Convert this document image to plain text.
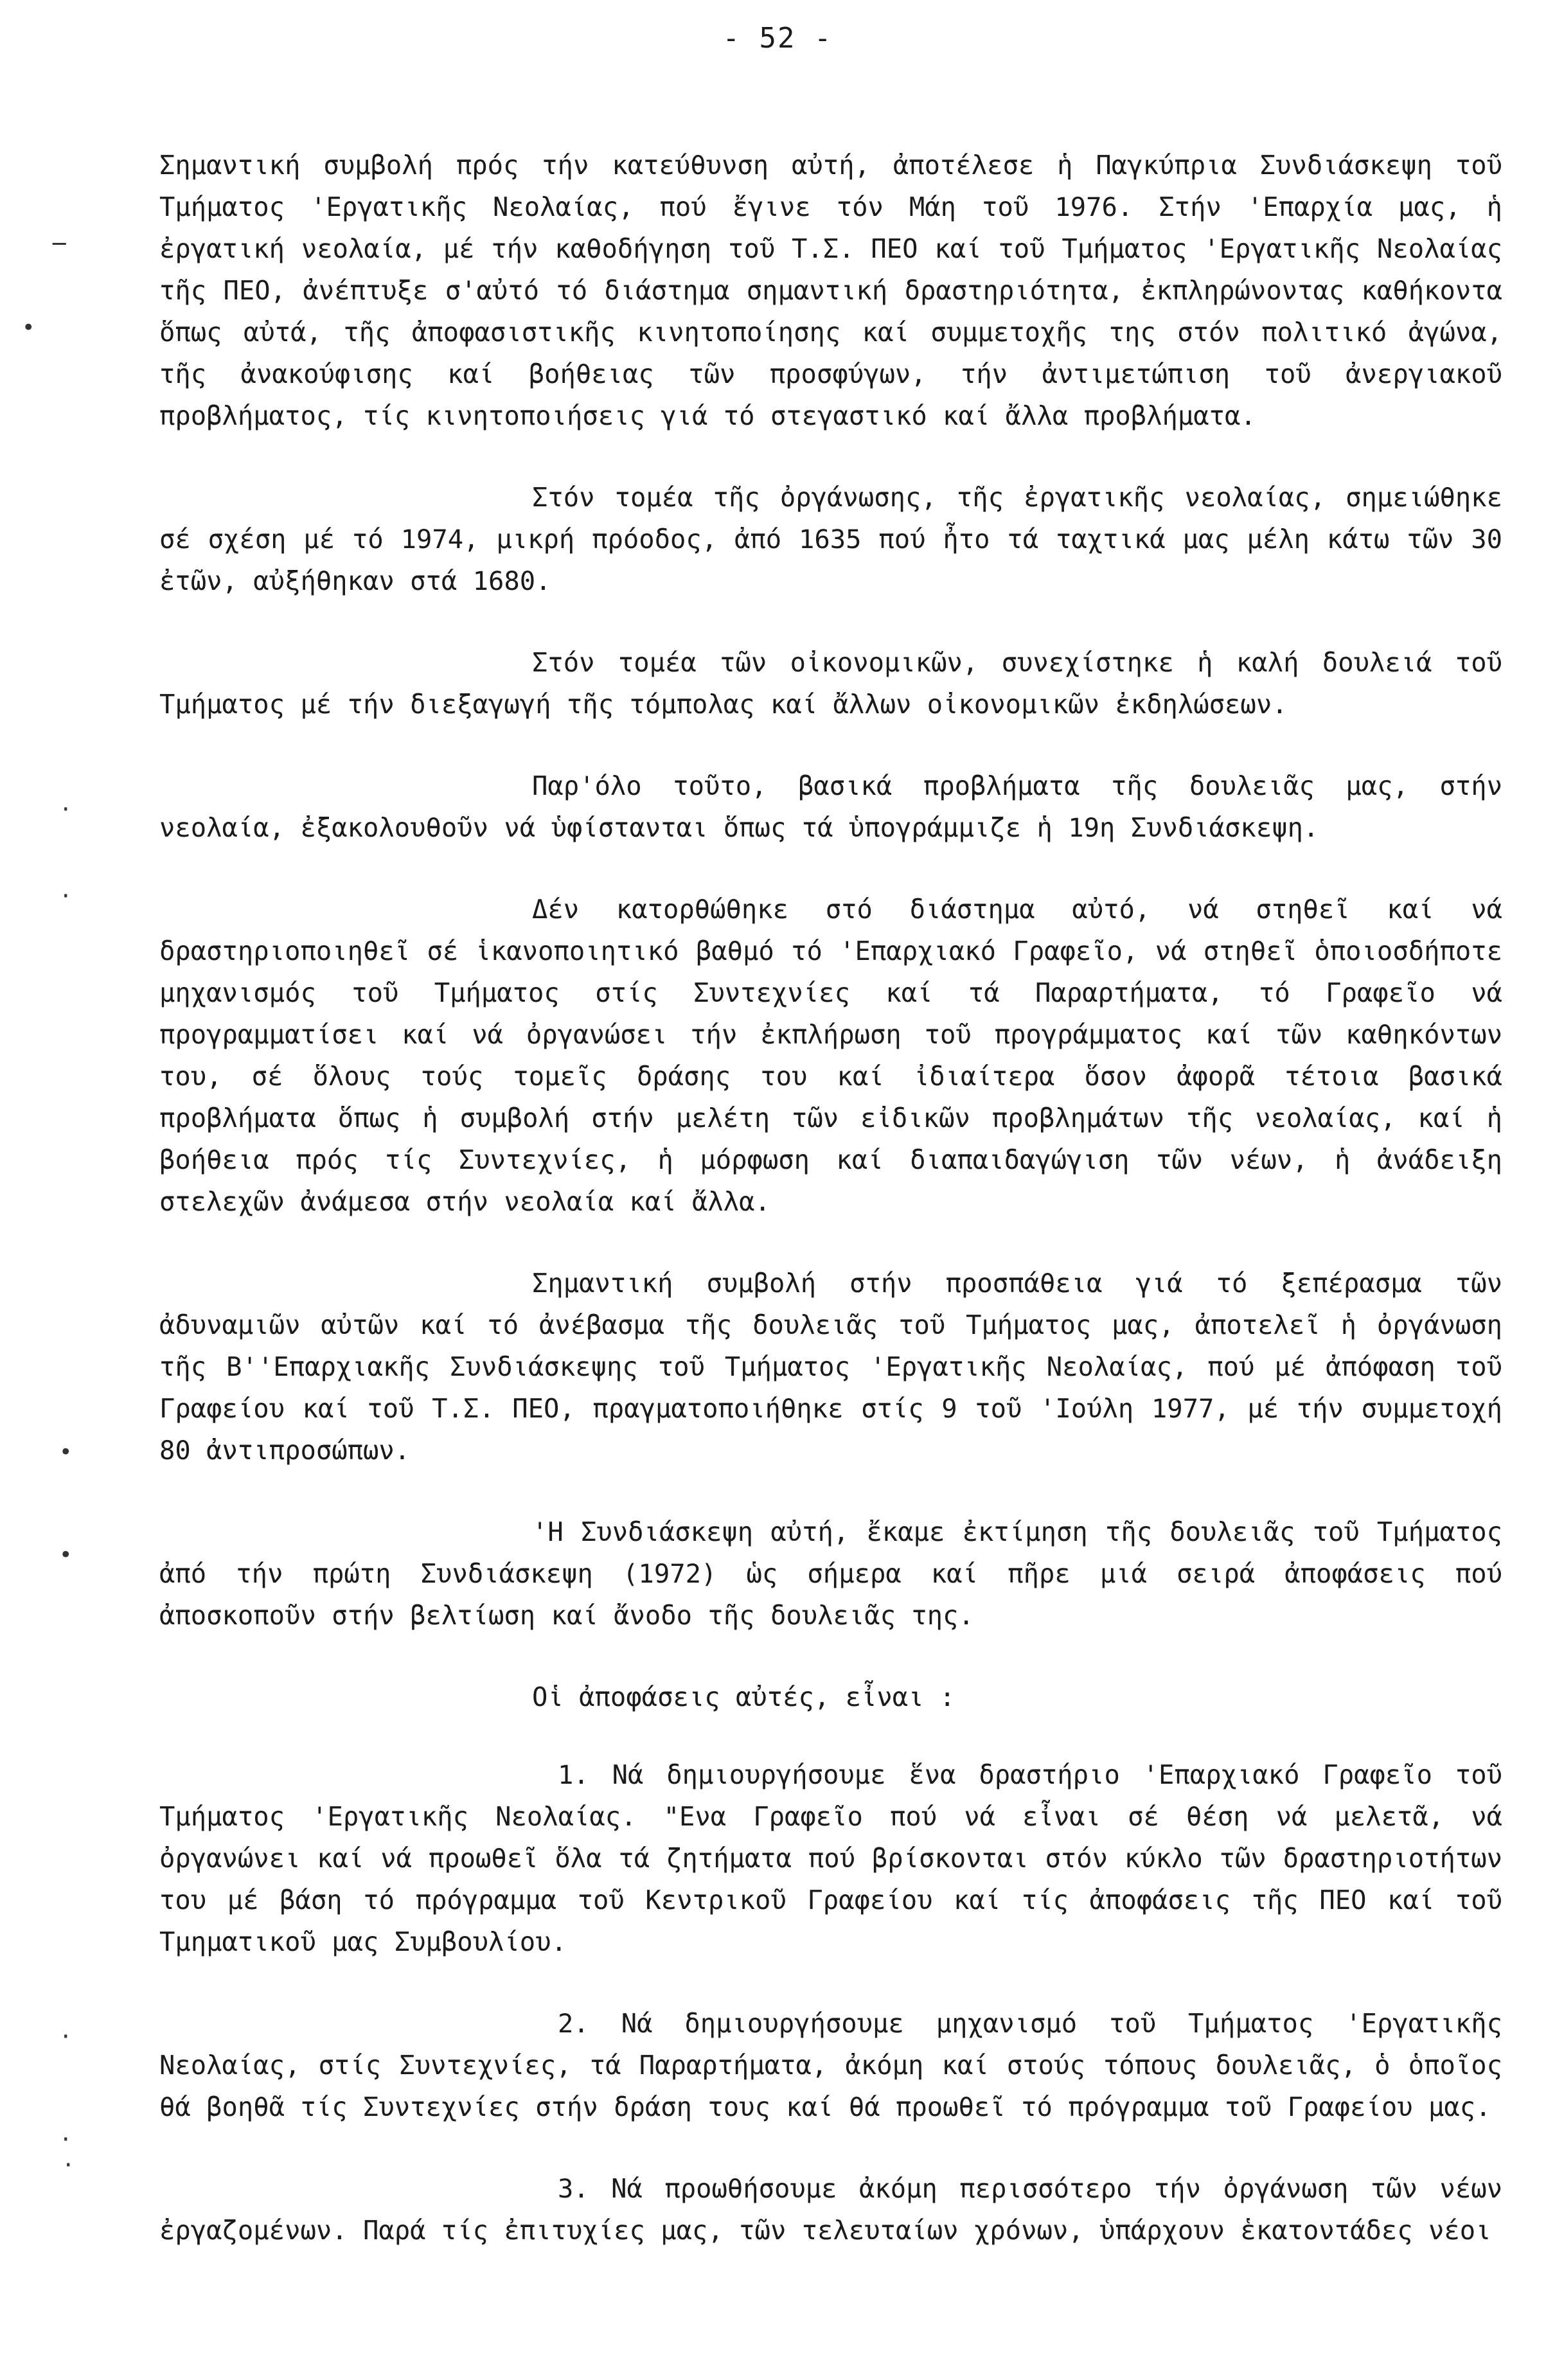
- 52 -
ـ
•
·
·
•
•
·
·
·

Σημαντική συμβολή πρός τήν κατεύθυνση αὐτή, ἀποτέλεσε ἡ Παγκύπρια Συνδιάσκεψη τοῦ Τμήματος 'Εργατικῆς Νεολαίας, πού ἔγινε τόν Μάη τοῦ 1976. Στήν 'Επαρχία μας, ἡ ἐργατική νεολαία, μέ τήν καθοδήγηση τοῦ Τ.Σ. ΠΕΟ καί τοῦ Τμήματος 'Εργατικῆς Νεολαίας τῆς ΠΕΟ, ἀνέπτυξε σ'αὐτό τό διάστημα σημαντική δραστηριότητα, ἐκπληρώνοντας καθήκοντα ὅπως αὐτά, τῆς ἀποφασιστικῆς κινητοποίησης καί συμμετοχῆς της στόν πολιτικό ἀγώνα, τῆς ἀνακούφισης καί βοήθειας τῶν προσφύγων, τήν ἀντιμετώπιση τοῦ ἀνεργιακοῦ προβλήματος, τίς κινητοποιήσεις γιά τό στεγαστικό καί ἄλλα προβλήματα.

Στόν τομέα τῆς ὀργάνωσης, τῆς ἐργατικῆς νεολαίας, σημειώθηκε σέ σχέση μέ τό 1974, μικρή πρόοδος, ἀπό 1635 πού ἦτο τά ταχτικά μας μέλη κάτω τῶν 30 ἐτῶν, αὐξήθηκαν στά 1680.

Στόν τομέα τῶν οἰκονομικῶν, συνεχίστηκε ἡ καλή δουλειά τοῦ Τμήματος μέ τήν διεξαγωγή τῆς τόμπολας καί ἄλλων οἰκονομικῶν ἐκδηλώσεων.

Παρ'όλο τοῦτο, βασικά προβλήματα τῆς δουλειᾶς μας, στήν νεολαία, ἐξακολουθοῦν νά ὑφίστανται ὅπως τά ὑπογράμμιζε ἡ 19η Συνδιάσκεψη.

Δέν κατορθώθηκε στό διάστημα αὐτό, νά στηθεῖ καί νά δραστηριοποιηθεῖ σέ ἱκανοποιητικό βαθμό τό 'Επαρχιακό Γραφεῖο, νά στηθεῖ ὁποιοσδήποτε μηχανισμός τοῦ Τμήματος στίς Συντεχνίες καί τά Παραρτήματα, τό Γραφεῖο νά προγραμματίσει καί νά ὀργανώσει τήν ἐκπλήρωση τοῦ προγράμματος καί τῶν καθηκόντων του, σέ ὅλους τούς τομεῖς δράσης του καί ἰδιαίτερα ὅσον ἀφορᾶ τέτοια βασικά προβλήματα ὅπως ἡ συμβολή στήν μελέτη τῶν εἰδικῶν προβλημάτων τῆς νεολαίας, καί ἡ βοήθεια πρός τίς Συντεχνίες, ἡ μόρφωση καί διαπαιδαγώγιση τῶν νέων, ἡ ἀνάδειξη στελεχῶν ἀνάμεσα στήν νεολαία καί ἄλλα.

Σημαντική συμβολή στήν προσπάθεια γιά τό ξεπέρασμα τῶν ἀδυναμιῶν αὐτῶν καί τό ἀνέβασμα τῆς δουλειᾶς τοῦ Τμήματος μας, ἀποτελεῖ ἡ ὀργάνωση τῆς Β''Επαρχιακῆς Συνδιάσκεψης τοῦ Τμήματος 'Εργατικῆς Νεολαίας, πού μέ ἀπόφαση τοῦ Γραφείου καί τοῦ Τ.Σ. ΠΕΟ, πραγματοποιήθηκε στίς 9 τοῦ 'Ιούλη 1977, μέ τήν συμμετοχή 80 ἀντιπροσώπων.

'Η Συνδιάσκεψη αὐτή, ἔκαμε ἐκτίμηση τῆς δουλειᾶς τοῦ Τμήματος ἀπό τήν πρώτη Συνδιάσκεψη (1972) ὡς σήμερα καί πῆρε μιά σειρά ἀποφάσεις πού ἀποσκοποῦν στήν βελτίωση καί ἄνοδο τῆς δουλειᾶς της.

Οἱ ἀποφάσεις αὐτές, εἶναι :

1. Νά δημιουργήσουμε ἕνα δραστήριο 'Επαρχιακό Γραφεῖο τοῦ Τμήματος 'Εργατικῆς Νεολαίας. "Ενα Γραφεῖο πού νά εἶναι σέ θέση νά μελετᾶ, νά ὀργανώνει καί νά προωθεῖ ὅλα τά ζητήματα πού βρίσκονται στόν κύκλο τῶν δραστηριοτήτων του μέ βάση τό πρόγραμμα τοῦ Κεντρικοῦ Γραφείου καί τίς ἀποφάσεις τῆς ΠΕΟ καί τοῦ Τμηματικοῦ μας Συμβουλίου.

2. Νά δημιουργήσουμε μηχανισμό τοῦ Τμήματος 'Εργατικῆς Νεολαίας, στίς Συντεχνίες, τά Παραρτήματα, ἀκόμη καί στούς τόπους δουλειᾶς, ὁ ὁποῖος θά βοηθᾶ τίς Συντεχνίες στήν δράση τους καί θά προωθεῖ τό πρόγραμμα τοῦ Γραφείου μας.

3. Νά προωθήσουμε ἀκόμη περισσότερο τήν ὀργάνωση τῶν νέων ἐργαζομένων. Παρά τίς ἐπιτυχίες μας, τῶν τελευταίων χρόνων, ὑπάρχουν ἑκατοντάδες νέοι
